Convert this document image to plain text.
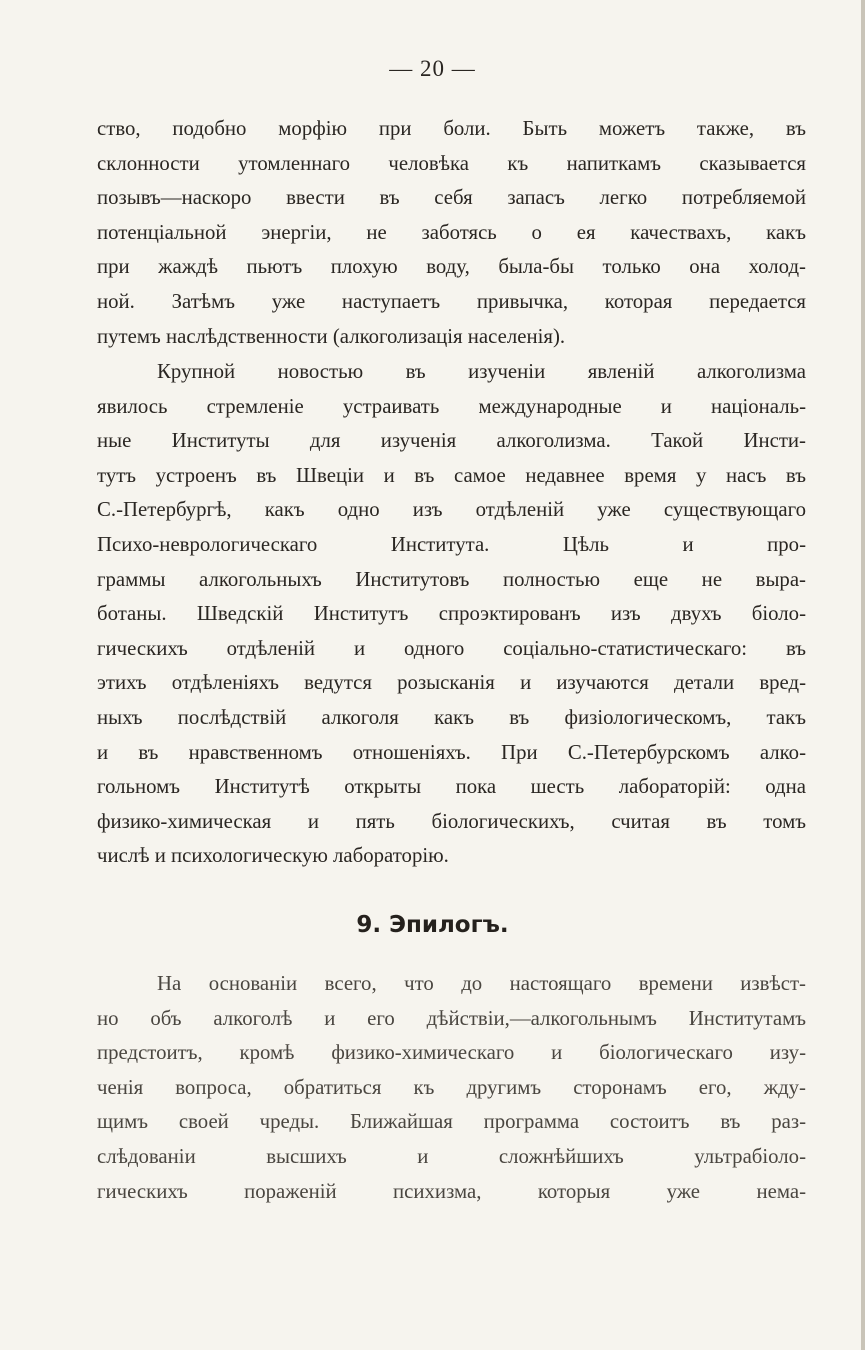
— 20 —
ство, подобно морфію при боли. Быть можетъ также, въ
склонности утомленнаго человѣка къ напиткамъ сказывается
позывъ—наскоро ввести въ себя запасъ легко потребляемой
потенціальной энергіи, не заботясь о ея качествахъ, какъ
при жаждѣ пьютъ плохую воду, была-бы только она холод-
ной. Затѣмъ уже наступаетъ привычка, которая передается
путемъ наслѣдственности (алкоголизація населенія).
Крупной новостью въ изученіи явленій алкоголизма
явилось стремленіе устраивать международные и національ-
ные Институты для изученія алкоголизма. Такой Инсти-
тутъ устроенъ въ Швеціи и въ самое недавнее время у насъ въ
С.-Петербургѣ, какъ одно изъ отдѣленій уже существующаго
Психо-неврологическаго Института. Цѣль и про-
граммы алкогольныхъ Институтовъ полностью еще не выра-
ботаны. Шведскій Институтъ спроэктированъ изъ двухъ біоло-
гическихъ отдѣленій и одного соціально-статистическаго: въ
этихъ отдѣленіяхъ ведутся розысканія и изучаются детали вред-
ныхъ послѣдствій алкоголя какъ въ физіологическомъ, такъ
и въ нравственномъ отношеніяхъ. При С.-Петербурскомъ алко-
гольномъ Институтѣ открыты пока шесть лабораторій: одна
физико-химическая и пять біологическихъ, считая въ томъ
числѣ и психологическую лабораторію.
9. Эпилогъ.
На основаніи всего, что до настоящаго времени извѣст-
но объ алкоголѣ и его дѣйствіи,—алкогольнымъ Институтамъ
предстоитъ, кромѣ физико-химическаго и біологическаго изу-
ченія вопроса, обратиться къ другимъ сторонамъ его, жду-
щимъ своей чреды. Ближайшая программа состоитъ въ раз-
слѣдованіи высшихъ и сложнѣйшихъ ультрабіоло-
гическихъ пораженій психизма, которыя уже нема-
